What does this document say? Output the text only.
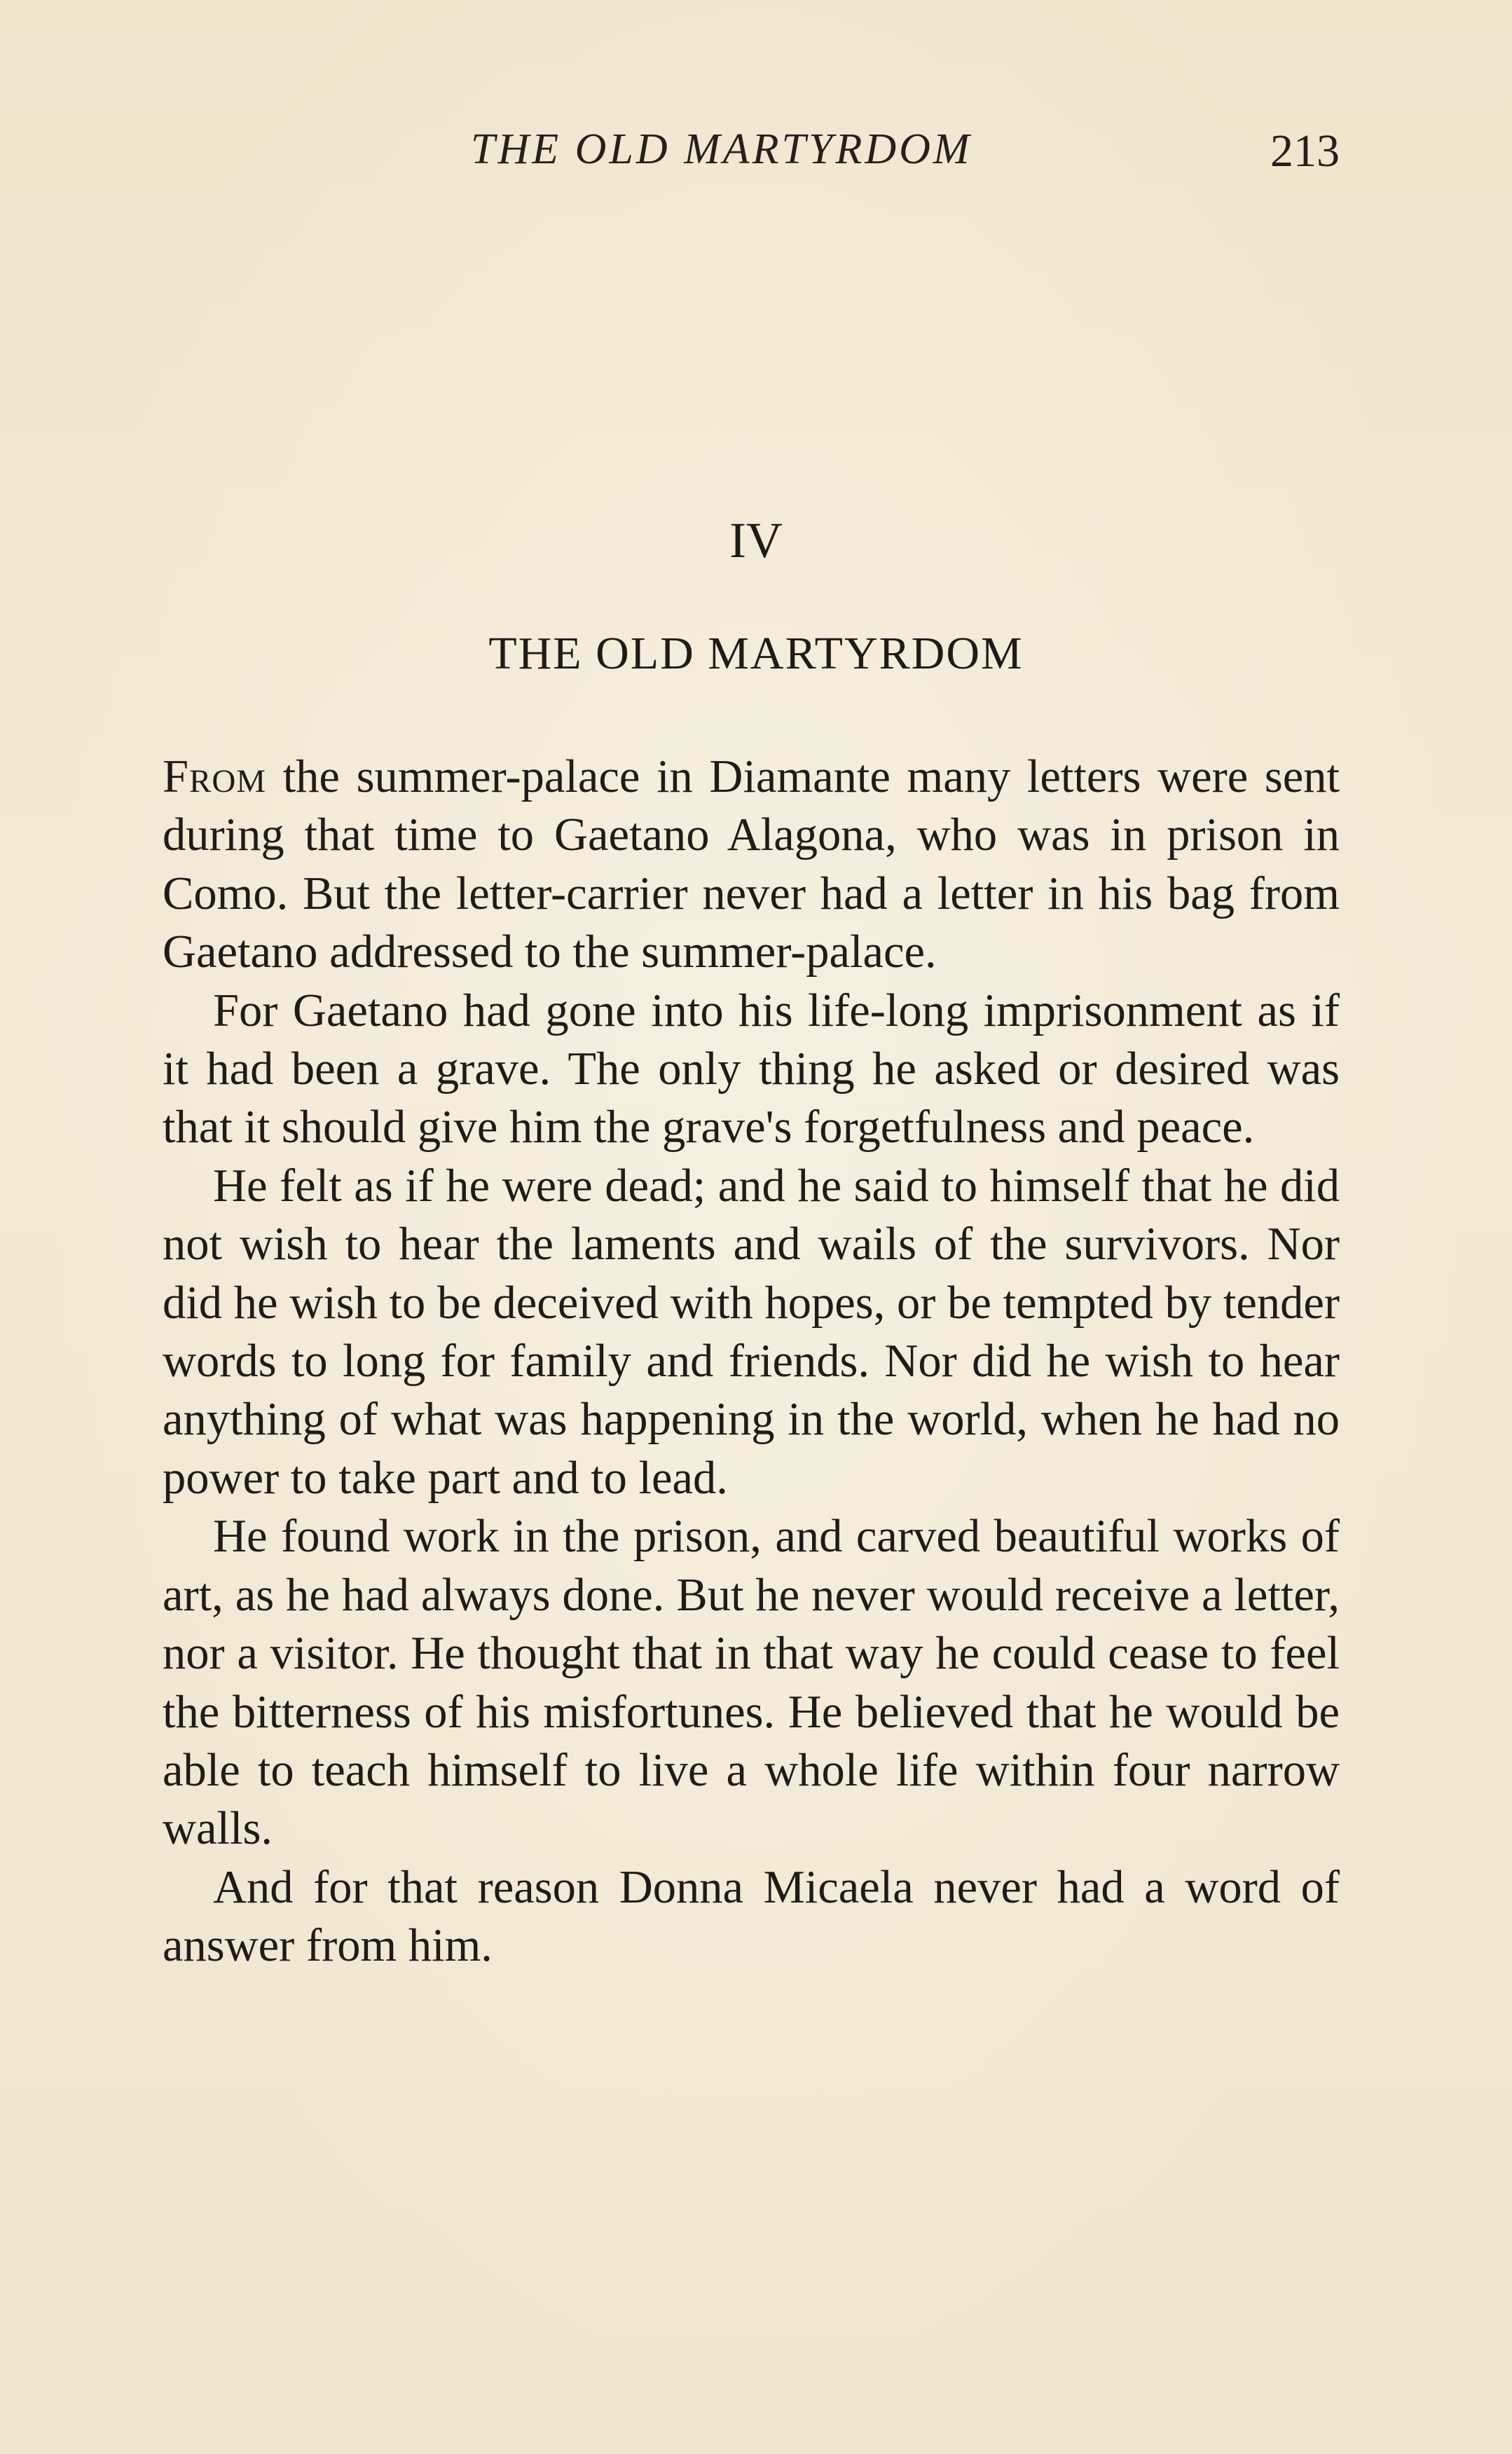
THE OLD MARTYRDOM	213
IV
THE OLD MARTYRDOM

From the summer-palace in Diamante many letters were sent during that time to Gaetano Alagona, who was in prison in Como. But the letter-carrier never had a letter in his bag from Gaetano addressed to the summer-palace.

For Gaetano had gone into his life-long imprisonment as if it had been a grave. The only thing he asked or desired was that it should give him the grave's forgetfulness and peace.

He felt as if he were dead; and he said to himself that he did not wish to hear the laments and wails of the survivors. Nor did he wish to be deceived with hopes, or be tempted by tender words to long for family and friends. Nor did he wish to hear anything of what was happening in the world, when he had no power to take part and to lead.

He found work in the prison, and carved beautiful works of art, as he had always done. But he never would receive a letter, nor a visitor. He thought that in that way he could cease to feel the bitterness of his misfortunes. He believed that he would be able to teach himself to live a whole life within four narrow walls.

And for that reason Donna Micaela never had a word of answer from him.
